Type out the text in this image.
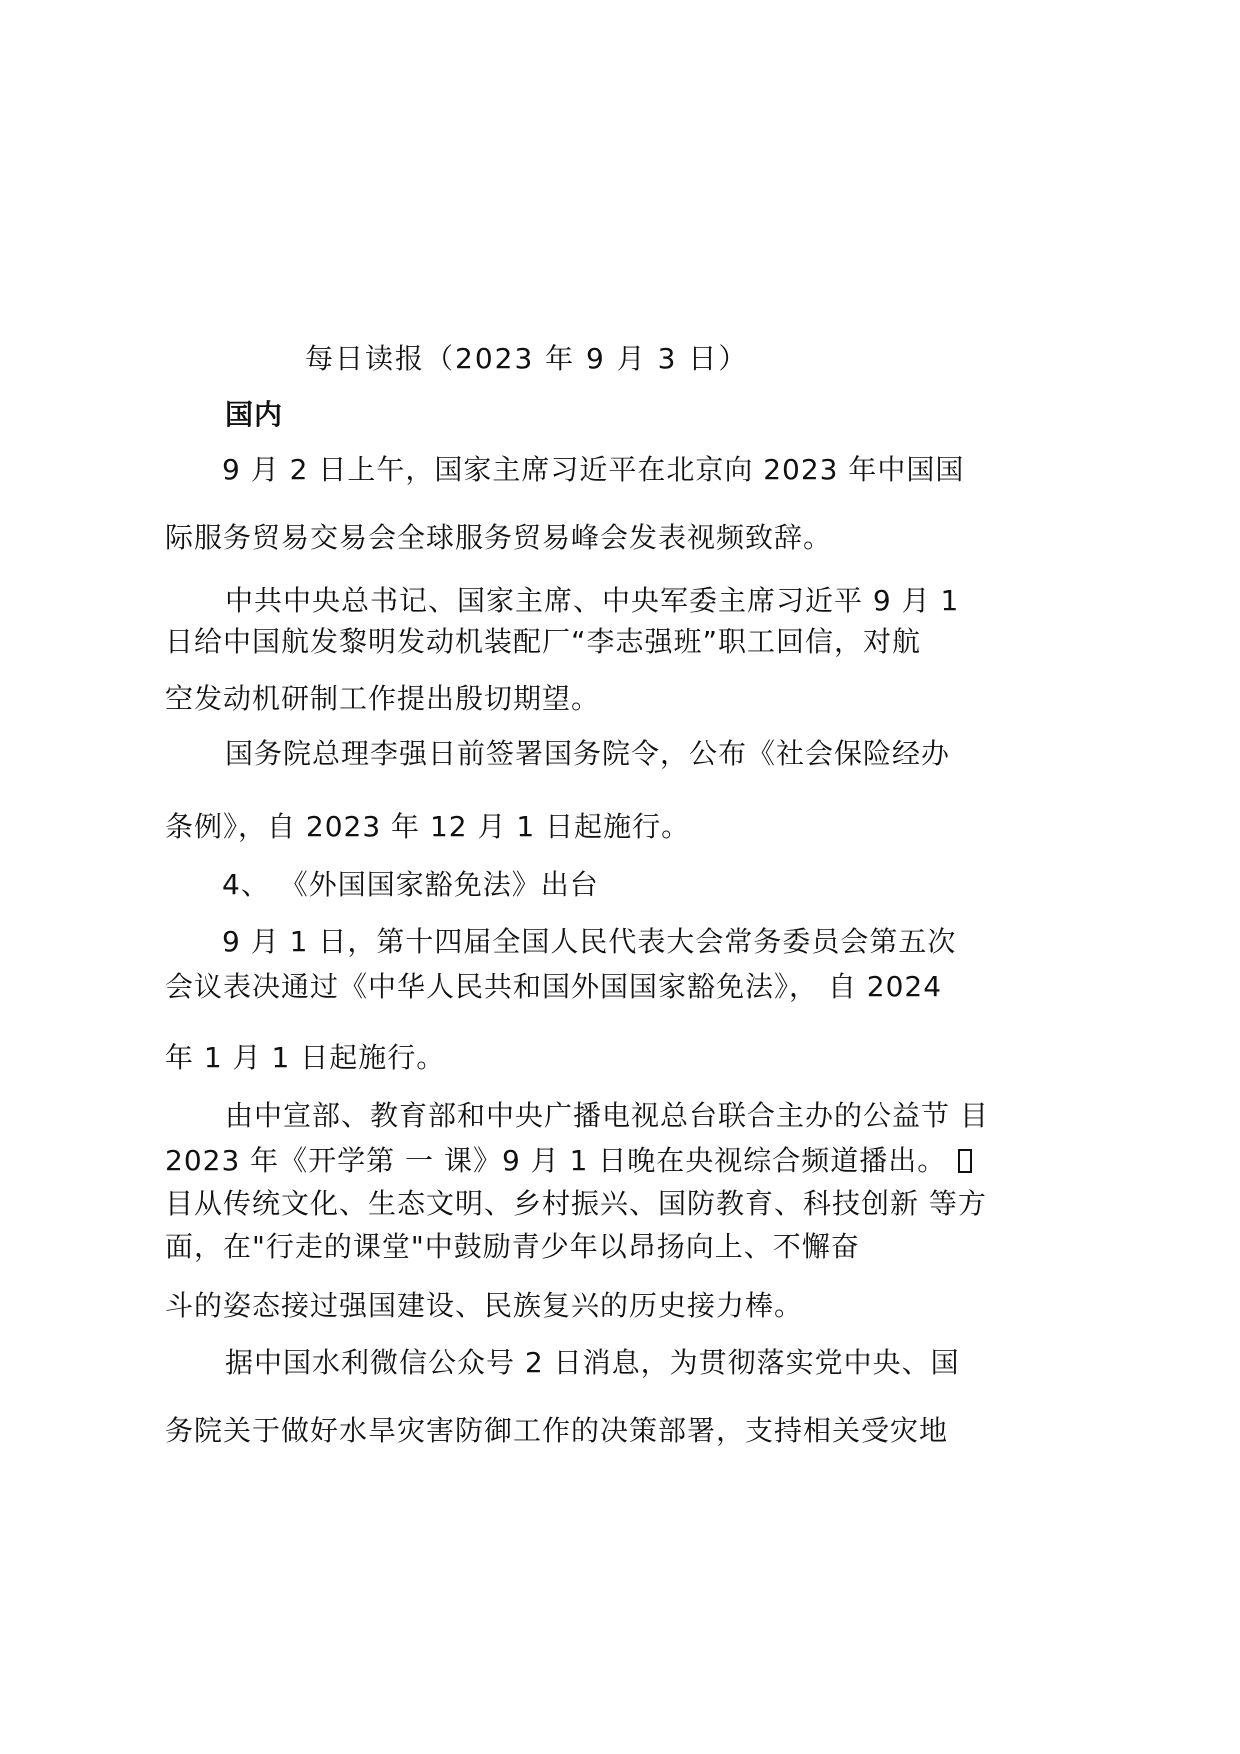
每日读报（2023 年 9 月 3 日）
国内
9 月 2 日上午，国家主席习近平在北京向 2023 年中国国
际服务贸易交易会全球服务贸易峰会发表视频致辞。
中共中央总书记、国家主席、中央军委主席习近平 9 月 1
日给中国航发黎明发动机装配厂“李志强班”职工回信，对航
空发动机研制工作提出殷切期望。
国务院总理李强日前签署国务院令，公布《社会保险经办
条例》，自 2023 年 12 月 1 日起施行。
4、 《外国国家豁免法》出台
9 月 1 日，第十四届全国人民代表大会常务委员会第五次
会议表决通过《中华人民共和国外国国家豁免法》， 自 2024
年 1 月 1 日起施行。
由中宣部、教育部和中央广播电视总台联合主办的公益节 目
2023 年《开学第 一 课》9 月 1 日晚在央视综合频道播出。
目从传统文化、生态文明、乡村振兴、国防教育、科技创新 等方
面，在"行走的课堂"中鼓励青少年以昂扬向上、不懈奋
斗的姿态接过强国建设、民族复兴的历史接力棒。
据中国水利微信公众号 2 日消息，为贯彻落实党中央、国
务院关于做好水旱灾害防御工作的决策部署，支持相关受灾地
